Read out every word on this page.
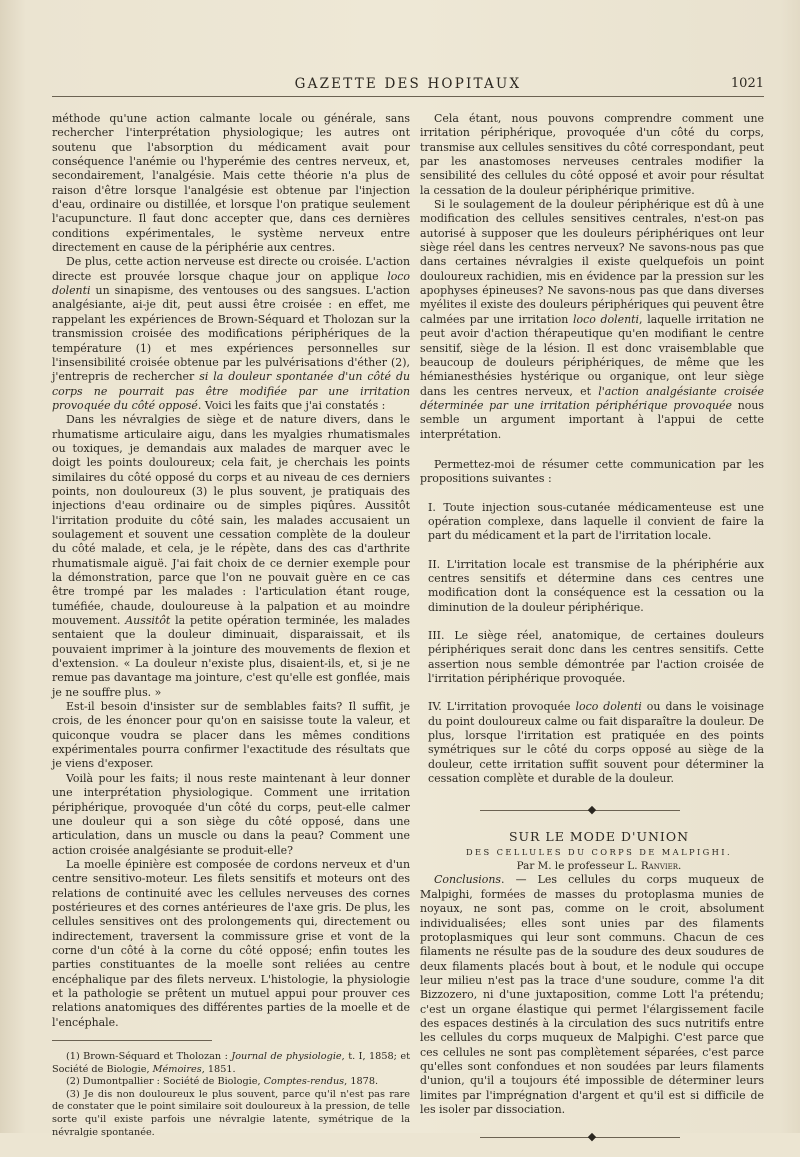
GAZETTE DES HOPITAUX	1021

méthode qu'une action calmante locale ou générale, sans rechercher l'interprétation physiologique; les autres ont soutenu que l'absorption du médicament avait pour conséquence l'anémie ou l'hyperémie des centres nerveux, et, secondairement, l'analgésie. Mais cette théorie n'a plus de raison d'être lorsque l'analgésie est obtenue par l'injection d'eau, ordinaire ou distillée, et lorsque l'on pratique seulement l'acupuncture. Il faut donc accepter que, dans ces dernières conditions expérimentales, le système nerveux entre directement en cause de la périphérie aux centres.

De plus, cette action nerveuse est directe ou croisée. L'action directe est prouvée lorsque chaque jour on applique loco dolenti un sinapisme, des ventouses ou des sangsues. L'action analgésiante, ai-je dit, peut aussi être croisée : en effet, me rappelant les expériences de Brown-Séquard et Tholozan sur la transmission croisée des modifications périphériques de la température (1) et mes expériences personnelles sur l'insensibilité croisée obtenue par les pulvérisations d'éther (2), j'entrepris de rechercher si la douleur spontanée d'un côté du corps ne pourrait pas être modifiée par une irritation provoquée du côté opposé. Voici les faits que j'ai constatés :

Dans les névralgies de siège et de nature divers, dans le rhumatisme articulaire aigu, dans les myalgies rhumatismales ou toxiques, je demandais aux malades de marquer avec le doigt les points douloureux; cela fait, je cherchais les points similaires du côté opposé du corps et au niveau de ces derniers points, non douloureux (3) le plus souvent, je pratiquais des injections d'eau ordinaire ou de simples piqûres. Aussitôt l'irritation produite du côté sain, les malades accusaient un soulagement et souvent une cessation complète de la douleur du côté malade, et cela, je le répète, dans des cas d'arthrite rhumatismale aiguë. J'ai fait choix de ce dernier exemple pour la démonstration, parce que l'on ne pouvait guère en ce cas être trompé par les malades : l'articulation étant rouge, tuméfiée, chaude, douloureuse à la palpation et au moindre mouvement. Aussitôt la petite opération terminée, les malades sentaient que la douleur diminuait, disparaissait, et ils pouvaient imprimer à la jointure des mouvements de flexion et d'extension. « La douleur n'existe plus, disaient-ils, et, si je ne remue pas davantage ma jointure, c'est qu'elle est gonflée, mais je ne souffre plus. »

Est-il besoin d'insister sur de semblables faits? Il suffit, je crois, de les énoncer pour qu'on en saisisse toute la valeur, et quiconque voudra se placer dans les mêmes conditions expérimentales pourra confirmer l'exactitude des résultats que je viens d'exposer.

Voilà pour les faits; il nous reste maintenant à leur donner une interprétation physiologique. Comment une irritation périphérique, provoquée d'un côté du corps, peut-elle calmer une douleur qui a son siège du côté opposé, dans une articulation, dans un muscle ou dans la peau? Comment une action croisée analgésiante se produit-elle?

La moelle épinière est composée de cordons nerveux et d'un centre sensitivo-moteur. Les filets sensitifs et moteurs ont des relations de continuité avec les cellules nerveuses des cornes postérieures et des cornes antérieures de l'axe gris. De plus, les cellules sensitives ont des prolongements qui, directement ou indirectement, traversent la commissure grise et vont de la corne d'un côté à la corne du côté opposé; enfin toutes les parties constituantes de la moelle sont reliées au centre encéphalique par des filets nerveux. L'histologie, la physiologie et la pathologie se prêtent un mutuel appui pour prouver ces relations anatomiques des différentes parties de la moelle et de l'encéphale.

(1) Brown-Séquard et Tholozan : Journal de physiologie, t. I, 1858; et Société de Biologie, Mémoires, 1851.

(2) Dumontpallier : Société de Biologie, Comptes-rendus, 1878.

(3) Je dis non douloureux le plus souvent, parce qu'il n'est pas rare de constater que le point similaire soit douloureux à la pression, de telle sorte qu'il existe parfois une névralgie latente, symétrique de la névralgie spontanée.

Cela étant, nous pouvons comprendre comment une irritation périphérique, provoquée d'un côté du corps, transmise aux cellules sensitives du côté correspondant, peut par les anastomoses nerveuses centrales modifier la sensibilité des cellules du côté opposé et avoir pour résultat la cessation de la douleur périphérique primitive.

Si le soulagement de la douleur périphérique est dû à une modification des cellules sensitives centrales, n'est-on pas autorisé à supposer que les douleurs périphériques ont leur siège réel dans les centres nerveux? Ne savons-nous pas que dans certaines névralgies il existe quelquefois un point douloureux rachidien, mis en évidence par la pression sur les apophyses épineuses? Ne savons-nous pas que dans diverses myélites il existe des douleurs périphériques qui peuvent être calmées par une irritation loco dolenti, laquelle irritation ne peut avoir d'action thérapeutique qu'en modifiant le centre sensitif, siège de la lésion. Il est donc vraisemblable que beaucoup de douleurs périphériques, de même que les hémianesthésies hystérique ou organique, ont leur siège dans les centres nerveux, et l'action analgésiante croisée déterminée par une irritation périphérique provoquée nous semble un argument important à l'appui de cette interprétation.

Permettez-moi de résumer cette communication par les propositions suivantes :

I. Toute injection sous-cutanée médicamenteuse est une opération complexe, dans laquelle il convient de faire la part du médicament et la part de l'irritation locale.

II. L'irritation locale est transmise de la phériphérie aux centres sensitifs et détermine dans ces centres une modification dont la conséquence est la cessation ou la diminution de la douleur périphérique.

III. Le siège réel, anatomique, de certaines douleurs périphériques serait donc dans les centres sensitifs. Cette assertion nous semble démontrée par l'action croisée de l'irritation périphérique provoquée.

IV. L'irritation provoquée loco dolenti ou dans le voisinage du point douloureux calme ou fait disparaître la douleur. De plus, lorsque l'irritation est pratiquée en des points symétriques sur le côté du corps opposé au siège de la douleur, cette irritation suffit souvent pour déterminer la cessation complète et durable de la douleur.

◆

SUR LE MODE D'UNION

DES CELLULES DU CORPS DE MALPIGHI.

Par M. le professeur L. Ranvier.

Conclusions. — Les cellules du corps muqueux de Malpighi, formées de masses du protoplasma munies de noyaux, ne sont pas, comme on le croit, absolument individualisées; elles sont unies par des filaments protoplasmiques qui leur sont communs. Chacun de ces filaments ne résulte pas de la soudure des deux soudures de deux filaments placés bout à bout, et le nodule qui occupe leur milieu n'est pas la trace d'une soudure, comme l'a dit Bizzozero, ni d'une juxtaposition, comme Lott l'a prétendu; c'est un organe élastique qui permet l'élargissement facile des espaces destinés à la circulation des sucs nutritifs entre les cellules du corps muqueux de Malpighi. C'est parce que ces cellules ne sont pas complètement séparées, c'est parce qu'elles sont confondues et non soudées par leurs filaments d'union, qu'il a toujours été impossible de déterminer leurs limites par l'imprégnation d'argent et qu'il est si difficile de les isoler par dissociation.

◆
